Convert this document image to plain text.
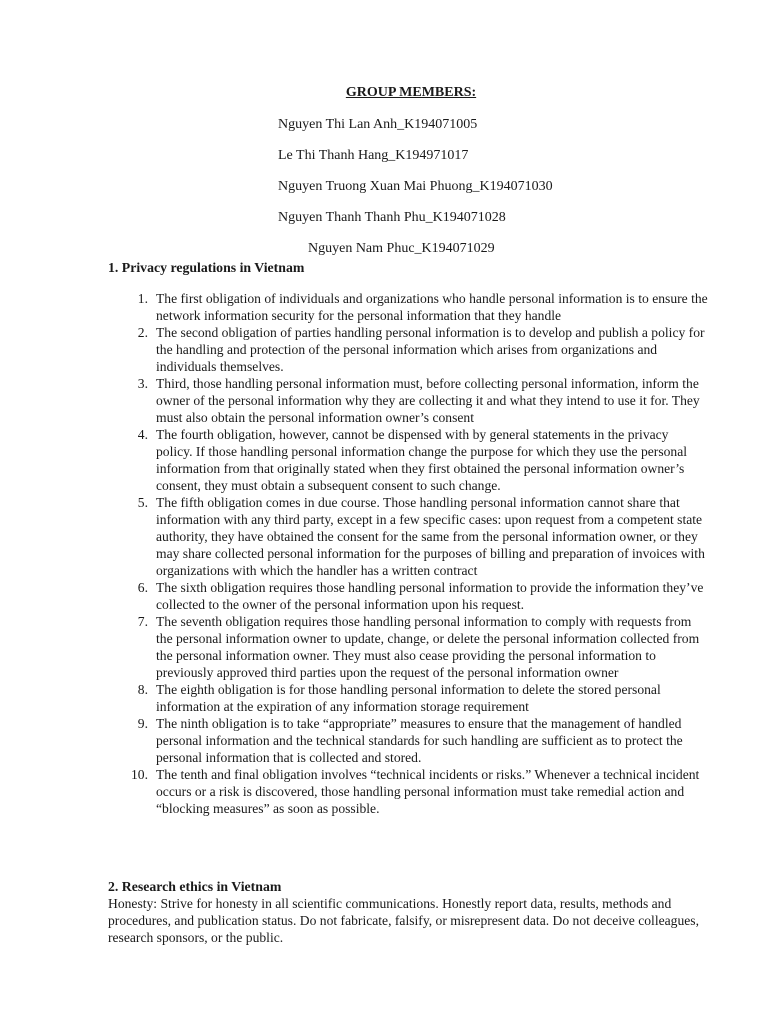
GROUP MEMBERS:

Nguyen Thi Lan Anh_K194071005

Le Thi Thanh Hang_K194971017

Nguyen Truong Xuan Mai Phuong_K194071030

Nguyen Thanh Thanh Phu_K194071028

Nguyen Nam Phuc_K194071029

1. Privacy regulations in Vietnam
1. The first obligation of individuals and organizations who handle personal information is to ensure the network information security for the personal information that they handle
2. The second obligation of parties handling personal information is to develop and publish a policy for the handling and protection of the personal information which arises from organizations and individuals themselves.
3. Third, those handling personal information must, before collecting personal information, inform the owner of the personal information why they are collecting it and what they intend to use it for. They must also obtain the personal information owner’s consent
4. The fourth obligation, however, cannot be dispensed with by general statements in the privacy policy. If those handling personal information change the purpose for which they use the personal information from that originally stated when they first obtained the personal information owner’s consent, they must obtain a subsequent consent to such change.
5. The fifth obligation comes in due course. Those handling personal information cannot share that information with any third party, except in a few specific cases: upon request from a competent state authority, they have obtained the consent for the same from the personal information owner, or they may share collected personal information for the purposes of billing and preparation of invoices with organizations with which the handler has a written contract
6. The sixth obligation requires those handling personal information to provide the information they’ve collected to the owner of the personal information upon his request.
7. The seventh obligation requires those handling personal information to comply with requests from the personal information owner to update, change, or delete the personal information collected from the personal information owner. They must also cease providing the personal information to previously approved third parties upon the request of the personal information owner
8. The eighth obligation is for those handling personal information to delete the stored personal information at the expiration of any information storage requirement
9. The ninth obligation is to take “appropriate” measures to ensure that the management of handled personal information and the technical standards for such handling are sufficient as to protect the personal information that is collected and stored.
10. The tenth and final obligation involves “technical incidents or risks.” Whenever a technical incident occurs or a risk is discovered, those handling personal information must take remedial action and “blocking measures” as soon as possible.
2. Research ethics in Vietnam

Honesty: Strive for honesty in all scientific communications. Honestly report data, results, methods and procedures, and publication status. Do not fabricate, falsify, or misrepresent data. Do not deceive colleagues, research sponsors, or the public.
